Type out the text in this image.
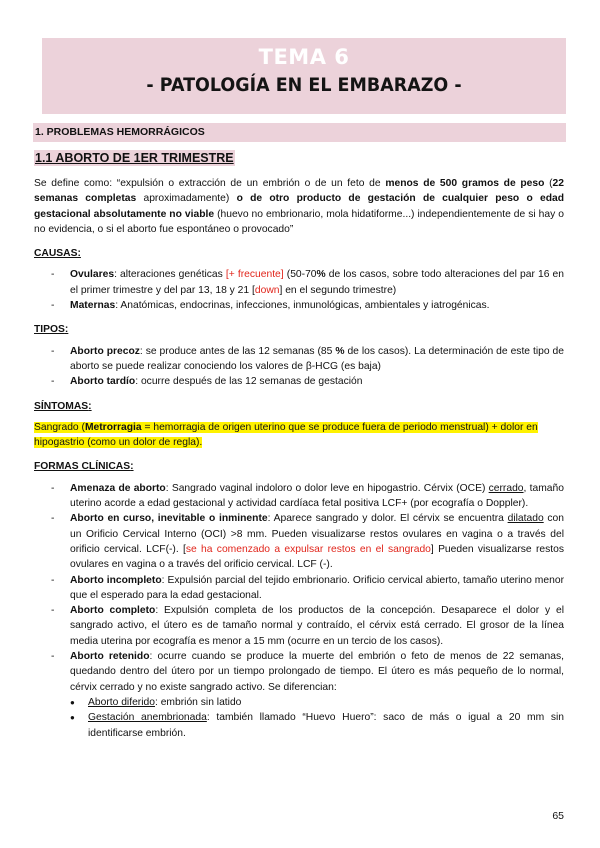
TEMA 6
- PATOLOGÍA EN EL EMBARAZO -
1. PROBLEMAS HEMORRÁGICOS
1.1 ABORTO DE 1ER TRIMESTRE

Se define como: “expulsión o extracción de un embrión o de un feto de menos de 500 gramos de peso (22 semanas completas aproximadamente) o de otro producto de gestación de cualquier peso o edad gestacional absolutamente no viable (huevo no embrionario, mola hidatiforme...) independientemente de si hay o no evidencia, o si el aborto fue espontáneo o provocado”

CAUSAS:

- Ovulares: alteraciones genéticas [+ frecuente] (50-70% de los casos, sobre todo alteraciones del par 16 en el primer trimestre y del par 13, 18 y 21 [down] en el segundo trimestre)
- Maternas: Anatómicas, endocrinas, infecciones, inmunológicas, ambientales y iatrogénicas.

TIPOS:

- Aborto precoz: se produce antes de las 12 semanas (85 % de los casos). La determinación de este tipo de aborto se puede realizar conociendo los valores de β-HCG (es baja)
- Aborto tardío: ocurre después de las 12 semanas de gestación

SÍNTOMAS:

Sangrado (Metrorragia = hemorragia de origen uterino que se produce fuera de periodo menstrual) + dolor en hipogastrio (como un dolor de regla).

FORMAS CLÍNICAS:

- Amenaza de aborto: Sangrado vaginal indoloro o dolor leve en hipogastrio. Cérvix (OCE) cerrado, tamaño uterino acorde a edad gestacional y actividad cardíaca fetal positiva LCF+ (por ecografía o Doppler).
- Aborto en curso, inevitable o inminente: Aparece sangrado y dolor. El cérvix se encuentra dilatado con un Orificio Cervical Interno (OCI) >8 mm. Pueden visualizarse restos ovulares en vagina o a través del orificio cervical. LCF(-). [se ha comenzado a expulsar restos en el sangrado] Pueden visualizarse restos ovulares en vagina o a través del orificio cervical. LCF (-).
- Aborto incompleto: Expulsión parcial del tejido embrionario. Orificio cervical abierto, tamaño uterino menor que el esperado para la edad gestacional.
- Aborto completo: Expulsión completa de los productos de la concepción. Desaparece el dolor y el sangrado activo, el útero es de tamaño normal y contraído, el cérvix está cerrado. El grosor de la línea media uterina por ecografía es menor a 15 mm (ocurre en un tercio de los casos).
- Aborto retenido: ocurre cuando se produce la muerte del embrión o feto de menos de 22 semanas, quedando dentro del útero por un tiempo prolongado de tiempo. El útero es más pequeño de lo normal, cérvix cerrado y no existe sangrado activo. Se diferencian:
● Aborto diferido: embrión sin latido
● Gestación anembrionada: también llamado “Huevo Huero”: saco de más o igual a 20 mm sin identificarse embrión.
65
